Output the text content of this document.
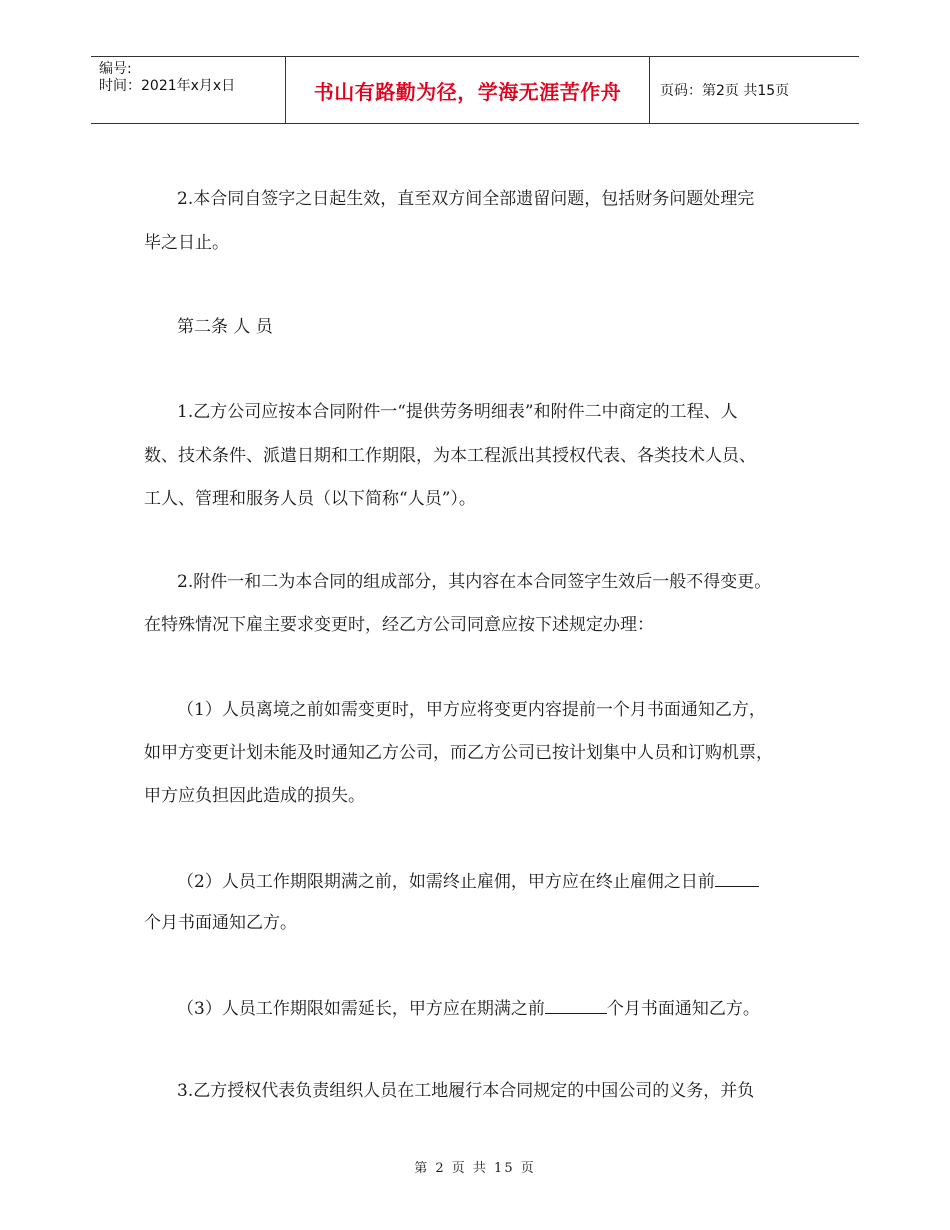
编号:
时间：2021年x月x日	书山有路勤为径，学海无涯苦作舟	页码：第2页 共15页
2.本合同自签字之日起生效，直至双方间全部遗留问题，包括财务问题处理完
毕之日止。
第二条 人 员
1.乙方公司应按本合同附件一“提供劳务明细表”和附件二中商定的工程、人
数、技术条件、派遣日期和工作期限，为本工程派出其授权代表、各类技术人员、
工人、管理和服务人员（以下简称“人员”）。
2.附件一和二为本合同的组成部分，其内容在本合同签字生效后一般不得变更。
在特殊情况下雇主要求变更时，经乙方公司同意应按下述规定办理：
（1）人员离境之前如需变更时，甲方应将变更内容提前一个月书面通知乙方，
如甲方变更计划未能及时通知乙方公司，而乙方公司已按计划集中人员和订购机票，
甲方应负担因此造成的损失。
（2）人员工作期限期满之前，如需终止雇佣，甲方应在终止雇佣之日前
个月书面通知乙方。
（3）人员工作期限如需延长，甲方应在期满之前	个月书面通知乙方。
3.乙方授权代表负责组织人员在工地履行本合同规定的中国公司的义务，并负
第 2 页 共 15 页
